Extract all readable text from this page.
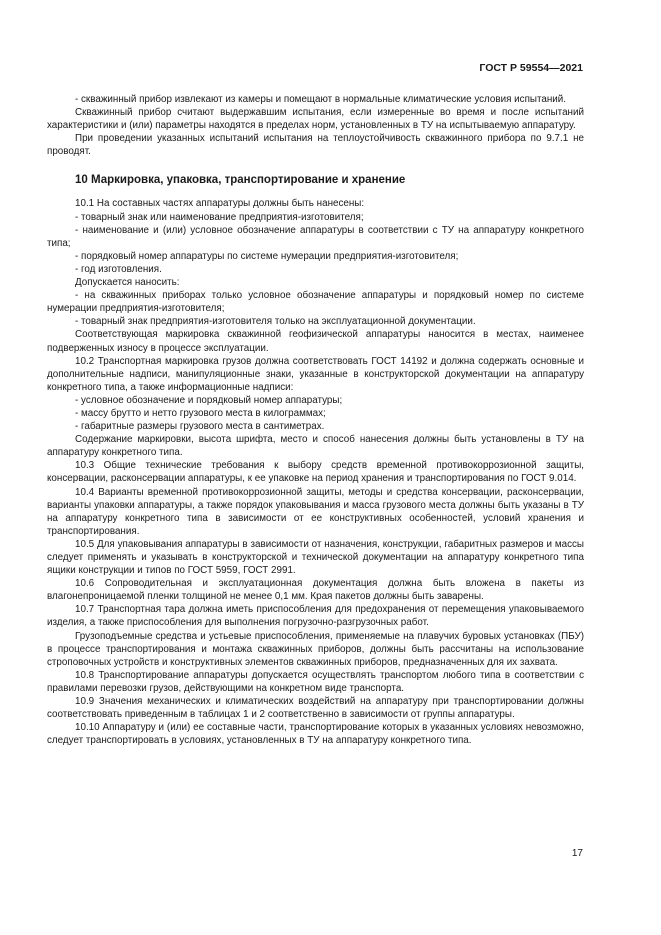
ГОСТ Р 59554—2021

- скважинный прибор извлекают из камеры и помещают в нормальные климатические условия испытаний.

Скважинный прибор считают выдержавшим испытания, если измеренные во время и после испытаний характеристики и (или) параметры находятся в пределах норм, установленных в ТУ на испытываемую аппаратуру.

При проведении указанных испытаний испытания на теплоустойчивость скважинного прибора по 9.7.1 не проводят.

10 Маркировка, упаковка, транспортирование и хранение

10.1 На составных частях аппаратуры должны быть нанесены:

- товарный знак или наименование предприятия-изготовителя;

- наименование и (или) условное обозначение аппаратуры в соответствии с ТУ на аппаратуру конкретного типа;

- порядковый номер аппаратуры по системе нумерации предприятия-изготовителя;

- год изготовления.

Допускается наносить:

- на скважинных приборах только условное обозначение аппаратуры и порядковый номер по системе нумерации предприятия-изготовителя;

- товарный знак предприятия-изготовителя только на эксплуатационной документации.

Соответствующая маркировка скважинной геофизической аппаратуры наносится в местах, наименее подверженных износу в процессе эксплуатации.

10.2 Транспортная маркировка грузов должна соответствовать ГОСТ 14192 и должна содержать основные и дополнительные надписи, манипуляционные знаки, указанные в конструкторской документации на аппаратуру конкретного типа, а также информационные надписи:

- условное обозначение и порядковый номер аппаратуры;

- массу брутто и нетто грузового места в килограммах;

- габаритные размеры грузового места в сантиметрах.

Содержание маркировки, высота шрифта, место и способ нанесения должны быть установлены в ТУ на аппаратуру конкретного типа.

10.3 Общие технические требования к выбору средств временной противокоррозионной защиты, консервации, расконсервации аппаратуры, к ее упаковке на период хранения и транспортирования по ГОСТ 9.014.

10.4 Варианты временной противокоррозионной защиты, методы и средства консервации, расконсервации, варианты упаковки аппаратуры, а также порядок упаковывания и масса грузового места должны быть указаны в ТУ на аппаратуру конкретного типа в зависимости от ее конструктивных особенностей, условий хранения и транспортирования.

10.5 Для упаковывания аппаратуры в зависимости от назначения, конструкции, габаритных размеров и массы следует применять и указывать в конструкторской и технической документации на аппаратуру конкретного типа ящики конструкции и типов по ГОСТ 5959, ГОСТ 2991.

10.6 Сопроводительная и эксплуатационная документация должна быть вложена в пакеты из влагонепроницаемой пленки толщиной не менее 0,1 мм. Края пакетов должны быть заварены.

10.7 Транспортная тара должна иметь приспособления для предохранения от перемещения упаковываемого изделия, а также приспособления для выполнения погрузочно-разгрузочных работ.

Грузоподъемные средства и устьевые приспособления, применяемые на плавучих буровых установках (ПБУ) в процессе транспортирования и монтажа скважинных приборов, должны быть рассчитаны на использование строповочных устройств и конструктивных элементов скважинных приборов, предназначенных для их захвата.

10.8 Транспортирование аппаратуры допускается осуществлять транспортом любого типа в соответствии с правилами перевозки грузов, действующими на конкретном виде транспорта.

10.9 Значения механических и климатических воздействий на аппаратуру при транспортировании должны соответствовать приведенным в таблицах 1 и 2 соответственно в зависимости от группы аппаратуры.

10.10 Аппаратуру и (или) ее составные части, транспортирование которых в указанных условиях невозможно, следует транспортировать в условиях, установленных в ТУ на аппаратуру конкретного типа.

17
